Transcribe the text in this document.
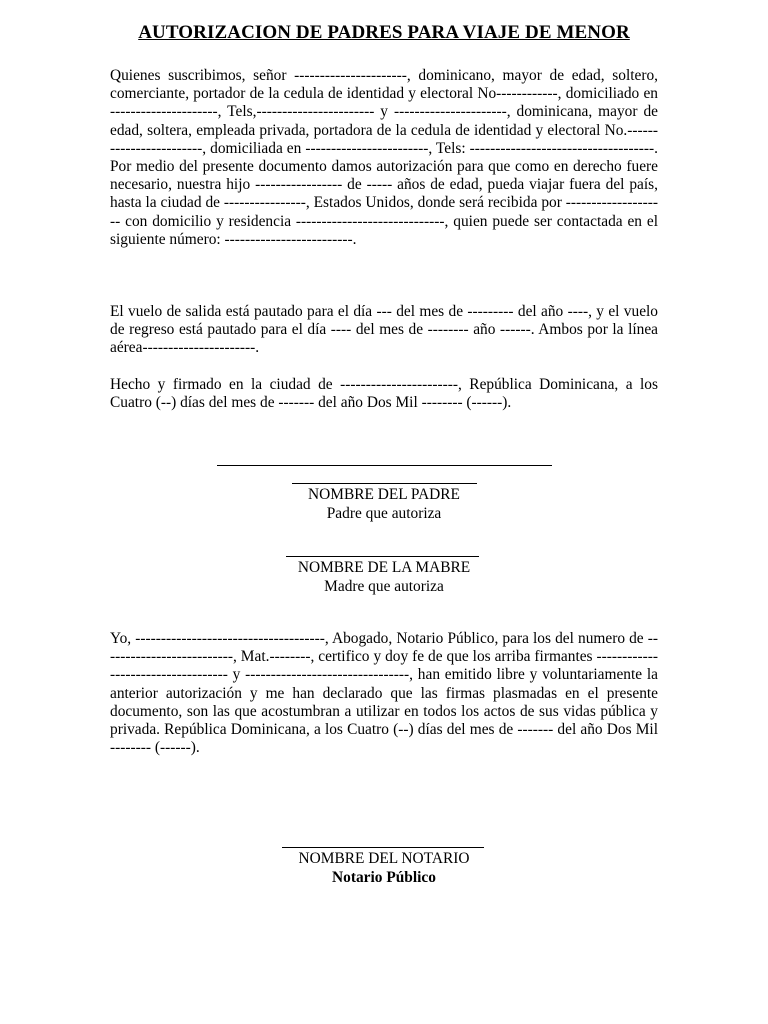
AUTORIZACION DE PADRES PARA VIAJE DE MENOR

Quienes suscribimos, señor ----------------------, dominicano, mayor de edad, soltero, comerciante, portador de la cedula de identidad y electoral No------------, domiciliado en ---------------------, Tels,----------------------- y ----------------------, dominicana, mayor de edad, soltera, empleada privada, portadora de la cedula de identidad y electoral No.------------------------, domiciliada en ------------------------, Tels: ------------------------------------. Por medio del presente documento damos autorización para que como en derecho fuere necesario, nuestra hijo ----------------- de ----- años de edad, pueda viajar fuera del país, hasta la ciudad de ----------------, Estados Unidos, donde será recibida por -------------------- con domicilio y residencia -----------------------------, quien puede ser contactada en el siguiente número: -------------------------.

El vuelo de salida está pautado para el día --- del mes de --------- del año ----, y el vuelo de regreso está pautado para el día ---- del mes de -------- año ------. Ambos por la línea aérea----------------------.

Hecho y firmado en la ciudad de -----------------------, República Dominicana, a los Cuatro (--) días del mes de ------- del año Dos Mil -------- (------).

NOMBRE DEL PADRE
Padre que autoriza
NOMBRE DE LA MABRE
Madre que autoriza

Yo, -------------------------------------, Abogado, Notario Público, para los del numero de --------------------------, Mat.--------, certifico y doy fe de que los arriba firmantes ----------------------------------- y --------------------------------, han emitido libre y voluntariamente la anterior autorización y me han declarado que las firmas plasmadas en el presente documento, son las que acostumbran a utilizar en todos los actos de sus vidas pública y privada. República Dominicana, a los Cuatro (--) días del mes de ------- del año Dos Mil -------- (------).

NOMBRE DEL NOTARIO
Notario Público
